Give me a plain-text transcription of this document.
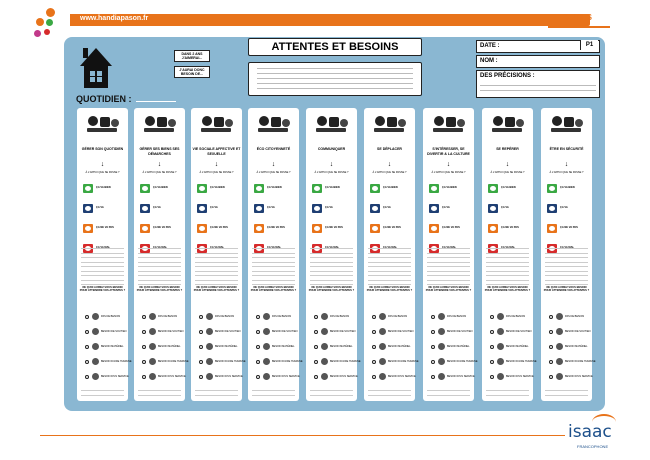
www.handiapason.fr	OUTILS
QUOTIDIEN :
DANS 2 ANS J'AIMERAI...
J'AURAI DONC BESOIN DE...
ATTENTES ET BESOINS	DATE :	P1
NOM :
DES PRÉCISIONS :
GÉRER SON QUOTIDIEN
↓
À L'APPUI QUE SE PASSE ?
ÇA VA BIEN
ÇA VA
ÇA NE VA PAS
DE QUOI AURIEZ-VOUS BESOIN POUR ATTEINDRE VOS ATTENTES ?
PAS DE BESOIN
BESOIN DE SOUTIEN
BESOIN MATÉRIEL
BESOIN D'AIDE HUMAINE
BESOIN D'UN SERVICE
GÉRER SES BIENS SES DÉMARCHES
↓
À L'APPUI QUE SE PASSE ?
ÇA VA BIEN
ÇA VA
ÇA NE VA PAS
DE QUOI AURIEZ-VOUS BESOIN POUR ATTEINDRE VOS ATTENTES ?
PAS DE BESOIN
BESOIN DE SOUTIEN
BESOIN MATÉRIEL
BESOIN D'AIDE HUMAINE
BESOIN D'UN SERVICE
VIE SOCIALE AFFECTIVE ET SEXUELLE
↓
À L'APPUI QUE SE PASSE ?
ÇA VA BIEN
ÇA VA
ÇA NE VA PAS
DE QUOI AURIEZ-VOUS BESOIN POUR ATTEINDRE VOS ATTENTES ?
PAS DE BESOIN
BESOIN DE SOUTIEN
BESOIN MATÉRIEL
BESOIN D'AIDE HUMAINE
BESOIN D'UN SERVICE
ÉCO CITOYENNETÉ
↓
À L'APPUI QUE SE PASSE ?
ÇA VA BIEN
ÇA VA
ÇA NE VA PAS
DE QUOI AURIEZ-VOUS BESOIN POUR ATTEINDRE VOS ATTENTES ?
PAS DE BESOIN
BESOIN DE SOUTIEN
BESOIN MATÉRIEL
BESOIN D'AIDE HUMAINE
BESOIN D'UN SERVICE
COMMUNIQUER
↓
À L'APPUI QUE SE PASSE ?
ÇA VA BIEN
ÇA VA
ÇA NE VA PAS
DE QUOI AURIEZ-VOUS BESOIN POUR ATTEINDRE VOS ATTENTES ?
PAS DE BESOIN
BESOIN DE SOUTIEN
BESOIN MATÉRIEL
BESOIN D'AIDE HUMAINE
BESOIN D'UN SERVICE
SE DÉPLACER
↓
À L'APPUI QUE SE PASSE ?
ÇA VA BIEN
ÇA VA
ÇA NE VA PAS
DE QUOI AURIEZ-VOUS BESOIN POUR ATTEINDRE VOS ATTENTES ?
PAS DE BESOIN
BESOIN DE SOUTIEN
BESOIN MATÉRIEL
BESOIN D'AIDE HUMAINE
BESOIN D'UN SERVICE
S'INTÉRESSER, SE DIVERTIR & LA CULTURE
↓
À L'APPUI QUE SE PASSE ?
ÇA VA BIEN
ÇA VA
ÇA NE VA PAS
DE QUOI AURIEZ-VOUS BESOIN POUR ATTEINDRE VOS ATTENTES ?
PAS DE BESOIN
BESOIN DE SOUTIEN
BESOIN MATÉRIEL
BESOIN D'AIDE HUMAINE
BESOIN D'UN SERVICE
SE REPÉRER
↓
À L'APPUI QUE SE PASSE ?
ÇA VA BIEN
ÇA VA
ÇA NE VA PAS
DE QUOI AURIEZ-VOUS BESOIN POUR ATTEINDRE VOS ATTENTES ?
PAS DE BESOIN
BESOIN DE SOUTIEN
BESOIN MATÉRIEL
BESOIN D'AIDE HUMAINE
BESOIN D'UN SERVICE
ÊTRE EN SÉCURITÉ
↓
À L'APPUI QUE SE PASSE ?
ÇA VA BIEN
ÇA VA
ÇA NE VA PAS
DE QUOI AURIEZ-VOUS BESOIN POUR ATTEINDRE VOS ATTENTES ?
PAS DE BESOIN
BESOIN DE SOUTIEN
BESOIN MATÉRIEL
BESOIN D'AIDE HUMAINE
BESOIN D'UN SERVICE
isaac
FRANCOPHONE
